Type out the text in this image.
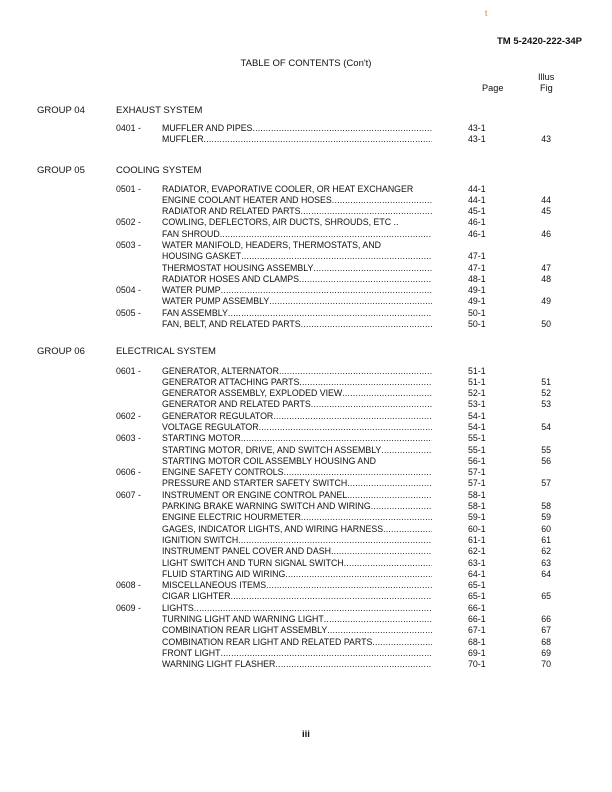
t
TM 5-2420-222-34P
TABLE OF CONTENTS (Con't)
Page
Illus
Fig
GROUP 04	EXHAUST SYSTEM
0401 - MUFFLER AND PIPES .....	43-1
MUFFLER .....	43-1	43
GROUP 05	COOLING SYSTEM
0501 - RADIATOR, EVAPORATIVE COOLER, OR HEAT EXCHANGER	44-1
ENGINE COOLANT HEATER AND HOSES .....	44-1	44
RADIATOR AND RELATED PARTS .....	45-1	45
0502 - COWLING, DEFLECTORS, AIR DUCTS, SHROUDS, ETC ..	46-1
FAN SHROUD .....	46-1	46
0503 - WATER MANIFOLD, HEADERS, THERMOSTATS, AND
HOUSING GASKET .....	47-1
THERMOSTAT HOUSING ASSEMBLY .....	47-1	47
RADIATOR HOSES AND CLAMPS .....	48-1	48
0504 - WATER PUMP .....	49-1
WATER PUMP ASSEMBLY .....	49-1	49
0505 - FAN ASSEMBLY .....	50-1
FAN, BELT, AND RELATED PARTS .....	50-1	50
GROUP 06	ELECTRICAL SYSTEM
0601 - GENERATOR, ALTERNATOR .....	51-1
GENERATOR ATTACHING PARTS .....	51-1	51
GENERATOR ASSEMBLY, EXPLODED VIEW .....	52-1	52
GENERATOR AND RELATED PARTS .....	53-1	53
0602 - GENERATOR REGULATOR .....	54-1
VOLTAGE REGULATOR .....	54-1	54
0603 - STARTING MOTOR .....	55-1
STARTING MOTOR, DRIVE, AND SWITCH ASSEMBLY .....	55-1	55
STARTING MOTOR COIL ASSEMBLY HOUSING AND	56-1	56
0606 - ENGINE SAFETY CONTROLS .....	57-1
PRESSURE AND STARTER SAFETY SWITCH .....	57-1	57
0607 - INSTRUMENT OR ENGINE CONTROL PANEL .....	58-1
PARKING BRAKE WARNING SWITCH AND WIRING .....	58-1	58
ENGINE ELECTRIC HOURMETER .....	59-1	59
GAGES, INDICATOR LIGHTS, AND WIRING HARNESS .....	60-1	60
IGNITION SWITCH .....	61-1	61
INSTRUMENT PANEL COVER AND DASH .....	62-1	62
LIGHT SWITCH AND TURN SIGNAL SWITCH .....	63-1	63
FLUID STARTING AID WIRING .....	64-1	64
0608 - MISCELLANEOUS ITEMS .....	65-1
CIGAR LIGHTER .....	65-1	65
0609 - LIGHTS .....	66-1
TURNING LIGHT AND WARNING LIGHT .....	66-1	66
COMBINATION REAR LIGHT ASSEMBLY .....	67-1	67
COMBINATION REAR LIGHT AND RELATED PARTS .....	68-1	68
FRONT LIGHT .....	69-1	69
WARNING LIGHT FLASHER .....	70-1	70
iii
